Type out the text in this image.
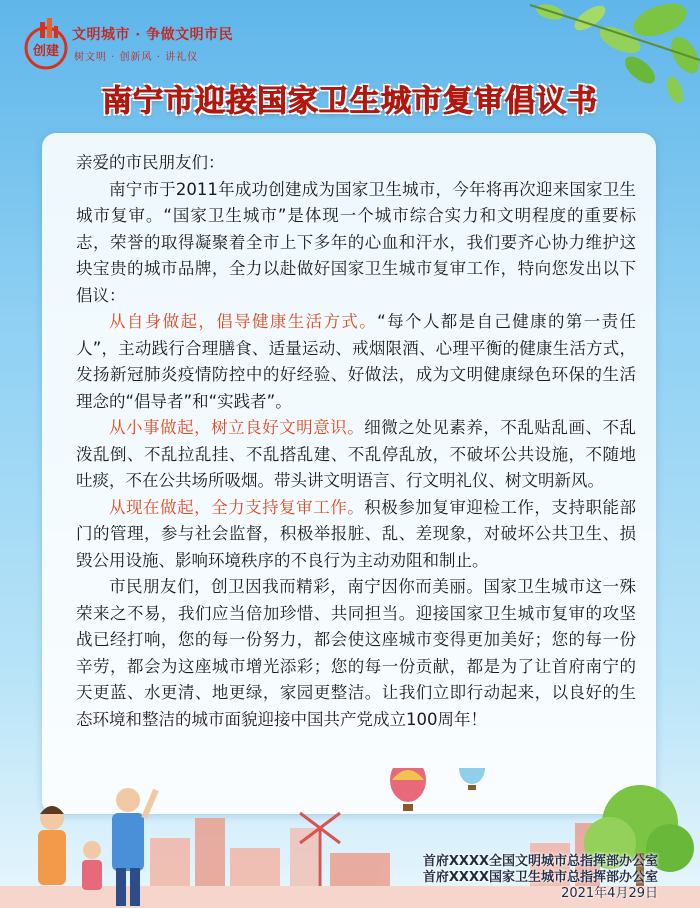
创建
文明城市 · 争做文明市民
树文明 · 创新风 · 讲礼仪
南宁市迎接国家卫生城市复审倡议书

亲爱的市民朋友们：

南宁市于2011年成功创建成为国家卫生城市，今年将再次迎来国家卫生城市复审。“国家卫生城市”是体现一个城市综合实力和文明程度的重要标志，荣誉的取得凝聚着全市上下多年的心血和汗水，我们要齐心协力维护这块宝贵的城市品牌，全力以赴做好国家卫生城市复审工作，特向您发出以下倡议：

从自身做起，倡导健康生活方式。“每个人都是自己健康的第一责任人”，主动践行合理膳食、适量运动、戒烟限酒、心理平衡的健康生活方式，发扬新冠肺炎疫情防控中的好经验、好做法，成为文明健康绿色环保的生活理念的“倡导者”和“实践者”。

从小事做起，树立良好文明意识。细微之处见素养，不乱贴乱画、不乱泼乱倒、不乱拉乱挂、不乱搭乱建、不乱停乱放，不破坏公共设施，不随地吐痰，不在公共场所吸烟。带头讲文明语言、行文明礼仪、树文明新风。

从现在做起，全力支持复审工作。积极参加复审迎检工作，支持职能部门的管理，参与社会监督，积极举报脏、乱、差现象，对破坏公共卫生、损毁公用设施、影响环境秩序的不良行为主动劝阻和制止。

市民朋友们，创卫因我而精彩，南宁因你而美丽。国家卫生城市这一殊荣来之不易，我们应当倍加珍惜、共同担当。迎接国家卫生城市复审的攻坚战已经打响，您的每一份努力，都会使这座城市变得更加美好；您的每一份辛劳，都会为这座城市增光添彩；您的每一份贡献，都是为了让首府南宁的天更蓝、水更清、地更绿，家园更整洁。让我们立即行动起来，以良好的生态环境和整洁的城市面貌迎接中国共产党成立100周年！

首府XXXX全国文明城市总指挥部办公室
首府XXXX国家卫生城市总指挥部办公室
2021年4月29日
